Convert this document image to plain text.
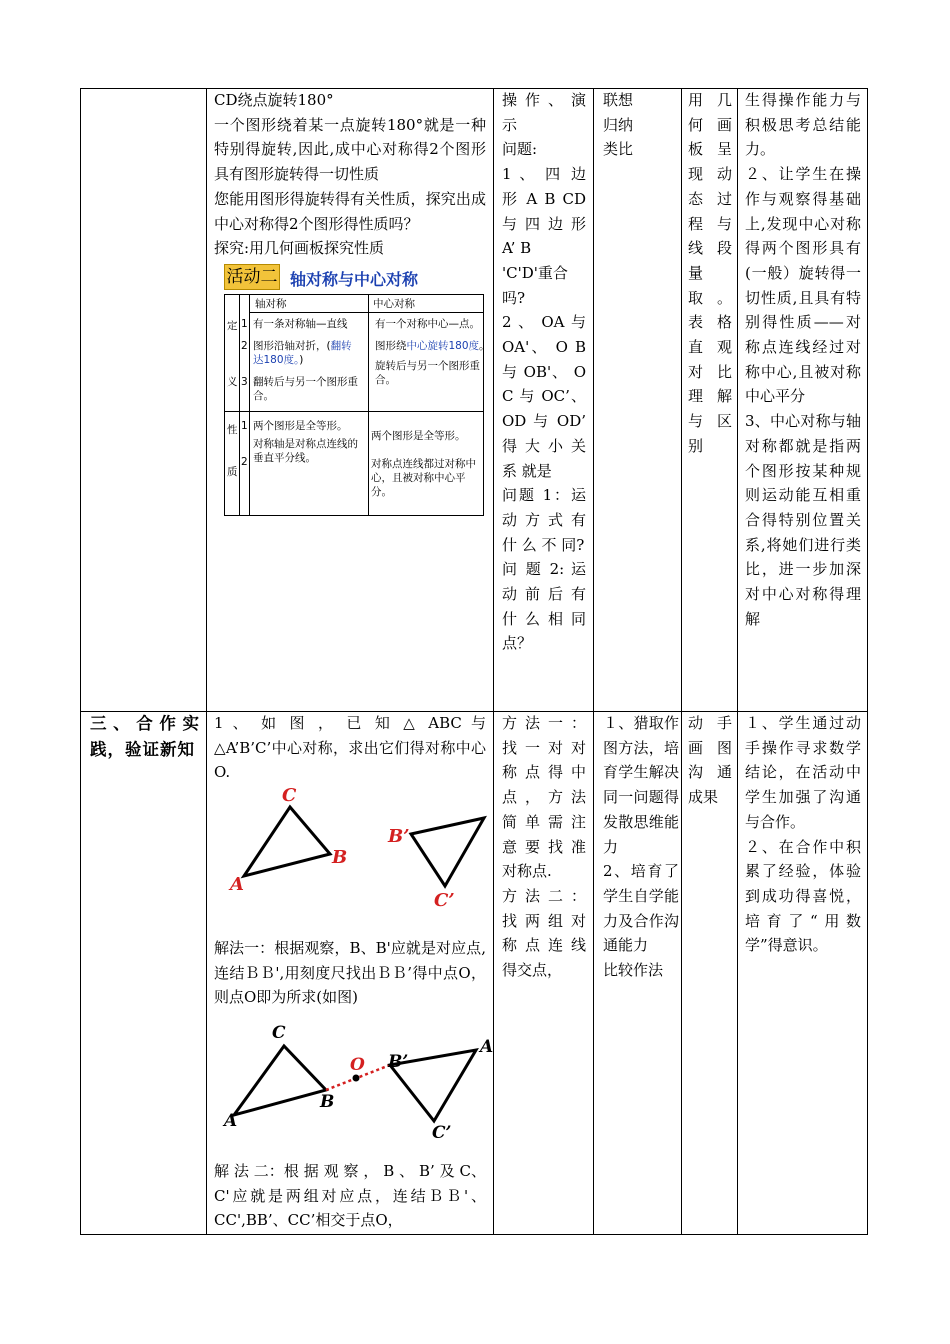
CD绕点旋转180°

一个图形绕着某一点旋转180°就是一种特别得旋转,因此,成中心对称得2个图形具有图形旋转得一切性质

您能用图形得旋转得有关性质，探究出成中心对称得2个图形得性质吗？

探究:用几何画板探究性质

活动二 轴对称与中心对称
轴对称	中心对称
定
义
1
2
3
有一条对称轴—直线
图形沿轴对折，(翻转
达180度。)
翻转后与另一个图形重合。
有一个对称中心—点。
图形绕中心旋转180度。
旋转后与另一个图形重合。
性
质
1
2
两个图形是全等形。
对称轴是对称点连线的垂直平分线。
两个图形是全等形。
对称点连线都过对称中心，且被对称中心平分。

操 作 、 演示

问题:

1 、 四 边 形 A B CD 与 四 边 形 A’ B

'C'D'重合吗?

2 、 OA 与 OA'、 O B 与 OB'、 O C 与 OC’、OD 与 OD’ 得 大 小 关 系 就是

问题 1：运 动 方 式 有 什 么 不 同?

问 题 2: 运 动 前 后 有 什 么 相 同 点？

联想

归纳

类比

用 几 何 画 板 呈 现 动 态 过 程 与 线 段 量 取。 表 格 直 观 对 比 理 解 与 区 别

生得操作能力与积极思考总结能力。

２、让学生在操作与观察得基础上,发现中心对称得两个图形具有(一般）旋转得一切性质,且具有特别得性质——对称点连线经过对称中心,且被对称中心平分

3、中心对称与轴对称都就是指两个图形按某种规则运动能互相重合得特别位置关系,将她们进行类比，进一步加深对中心对称得理解

三、合作实践，验证新知

1 、 如 图 ， 已 知 △ ABC 与 △A’B’C’中心对称，求出它们得对称中心O.

C
B
A
B’
C’

解法一：根据观察，B、B'应就是对应点,连结ＢＢ',用刻度尺找出ＢＢ’得中点O，则点O即为所求(如图)

C
A
B
O B’
A
C’

解 法 二：根 据 观 察 ， B 、 B’ 及 C、C'应就是两组对应点，连结ＢＢ'、CC',BB’、CC’相交于点O，

方 法 一 ： 找 一 对 对 称 点 得 中 点 ， 方 法 简 单 需 注 意 要 找 准 对称点.

方 法 二 ： 找 两 组 对 称 点 连 线 得交点，

１、猎取作图方法，培育学生解决同一问题得发散思维能力

2、培育了学生自学能力及合作沟通能力

比较作法

动 手 画图 沟 通 成果

１、学生通过动手操作寻求数学结论，在活动中学生加强了沟通与合作。

２、在合作中积累了经验，体验到成功得喜悦，培育了“用数学”得意识。
